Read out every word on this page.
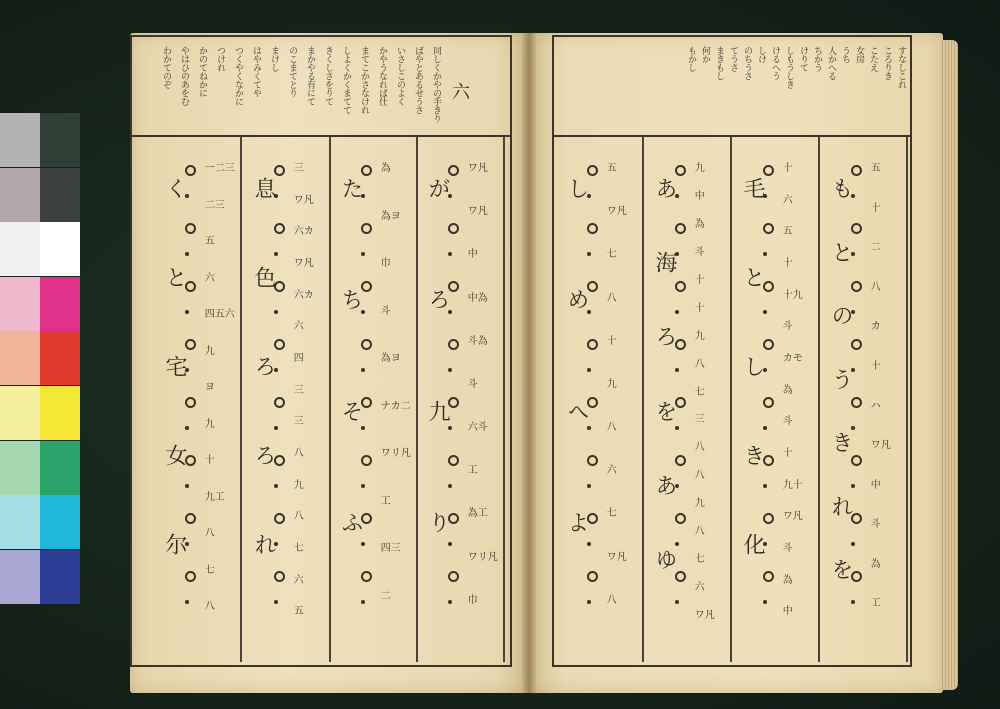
六
同しくかやの手きり
ばやとあるせうさ
いさしこのよく
かやうなれば仕
まてこかさなけれ
しよくかくまてて
きくしさをりて
まかやる有にて
のこまてとり
まけし
はやみくてや
つくやくなかに
つけれ
かのてねかに
やはひのあをむ
わかてのぞ	すなしこれ
ころりき
こたえ
女房
うち
人かへる
ちかう
けりて
しもうしき
けるへう
しけ
のちうさ
てうさ
まきもし
何か
もかし
が
ろ
九
り
ワ凡
ワ凡
中
中為
斗為
斗
六斗
工
為工
ワリ凡
巾
た
ち
そ
ふ
為
為ヨ
巾
斗
為ヨ
ナカ二
ワリ凡
工
四三
二
息
色
ろ
ろ
れ
三
ワ凡
六カ
ワ凡
六カ
六
四
三
三
八
九
八
七
六
五
く
と
宅
女
尔
一二三
二三
五
六
四五六
九
ヨ
九
十
九工
八
七
八
も
と
の
う
き
れ
を
五
十
二
八
カ
十
ハ
ワ凡
中
斗
為
工
毛
と
し
き
化
十
六
五
十
十九
斗
カモ
為
斗
十
九十
ワ凡
斗
為
中
あ
海
ろ
を
あ
ゆ
九
中
為
斗
十
十
九
八
七
三
八
八
九
八
七
六
ワ凡
し
め
へ
よ
五
ワ凡
七
八
十
九
八
六
七
ワ凡
八
